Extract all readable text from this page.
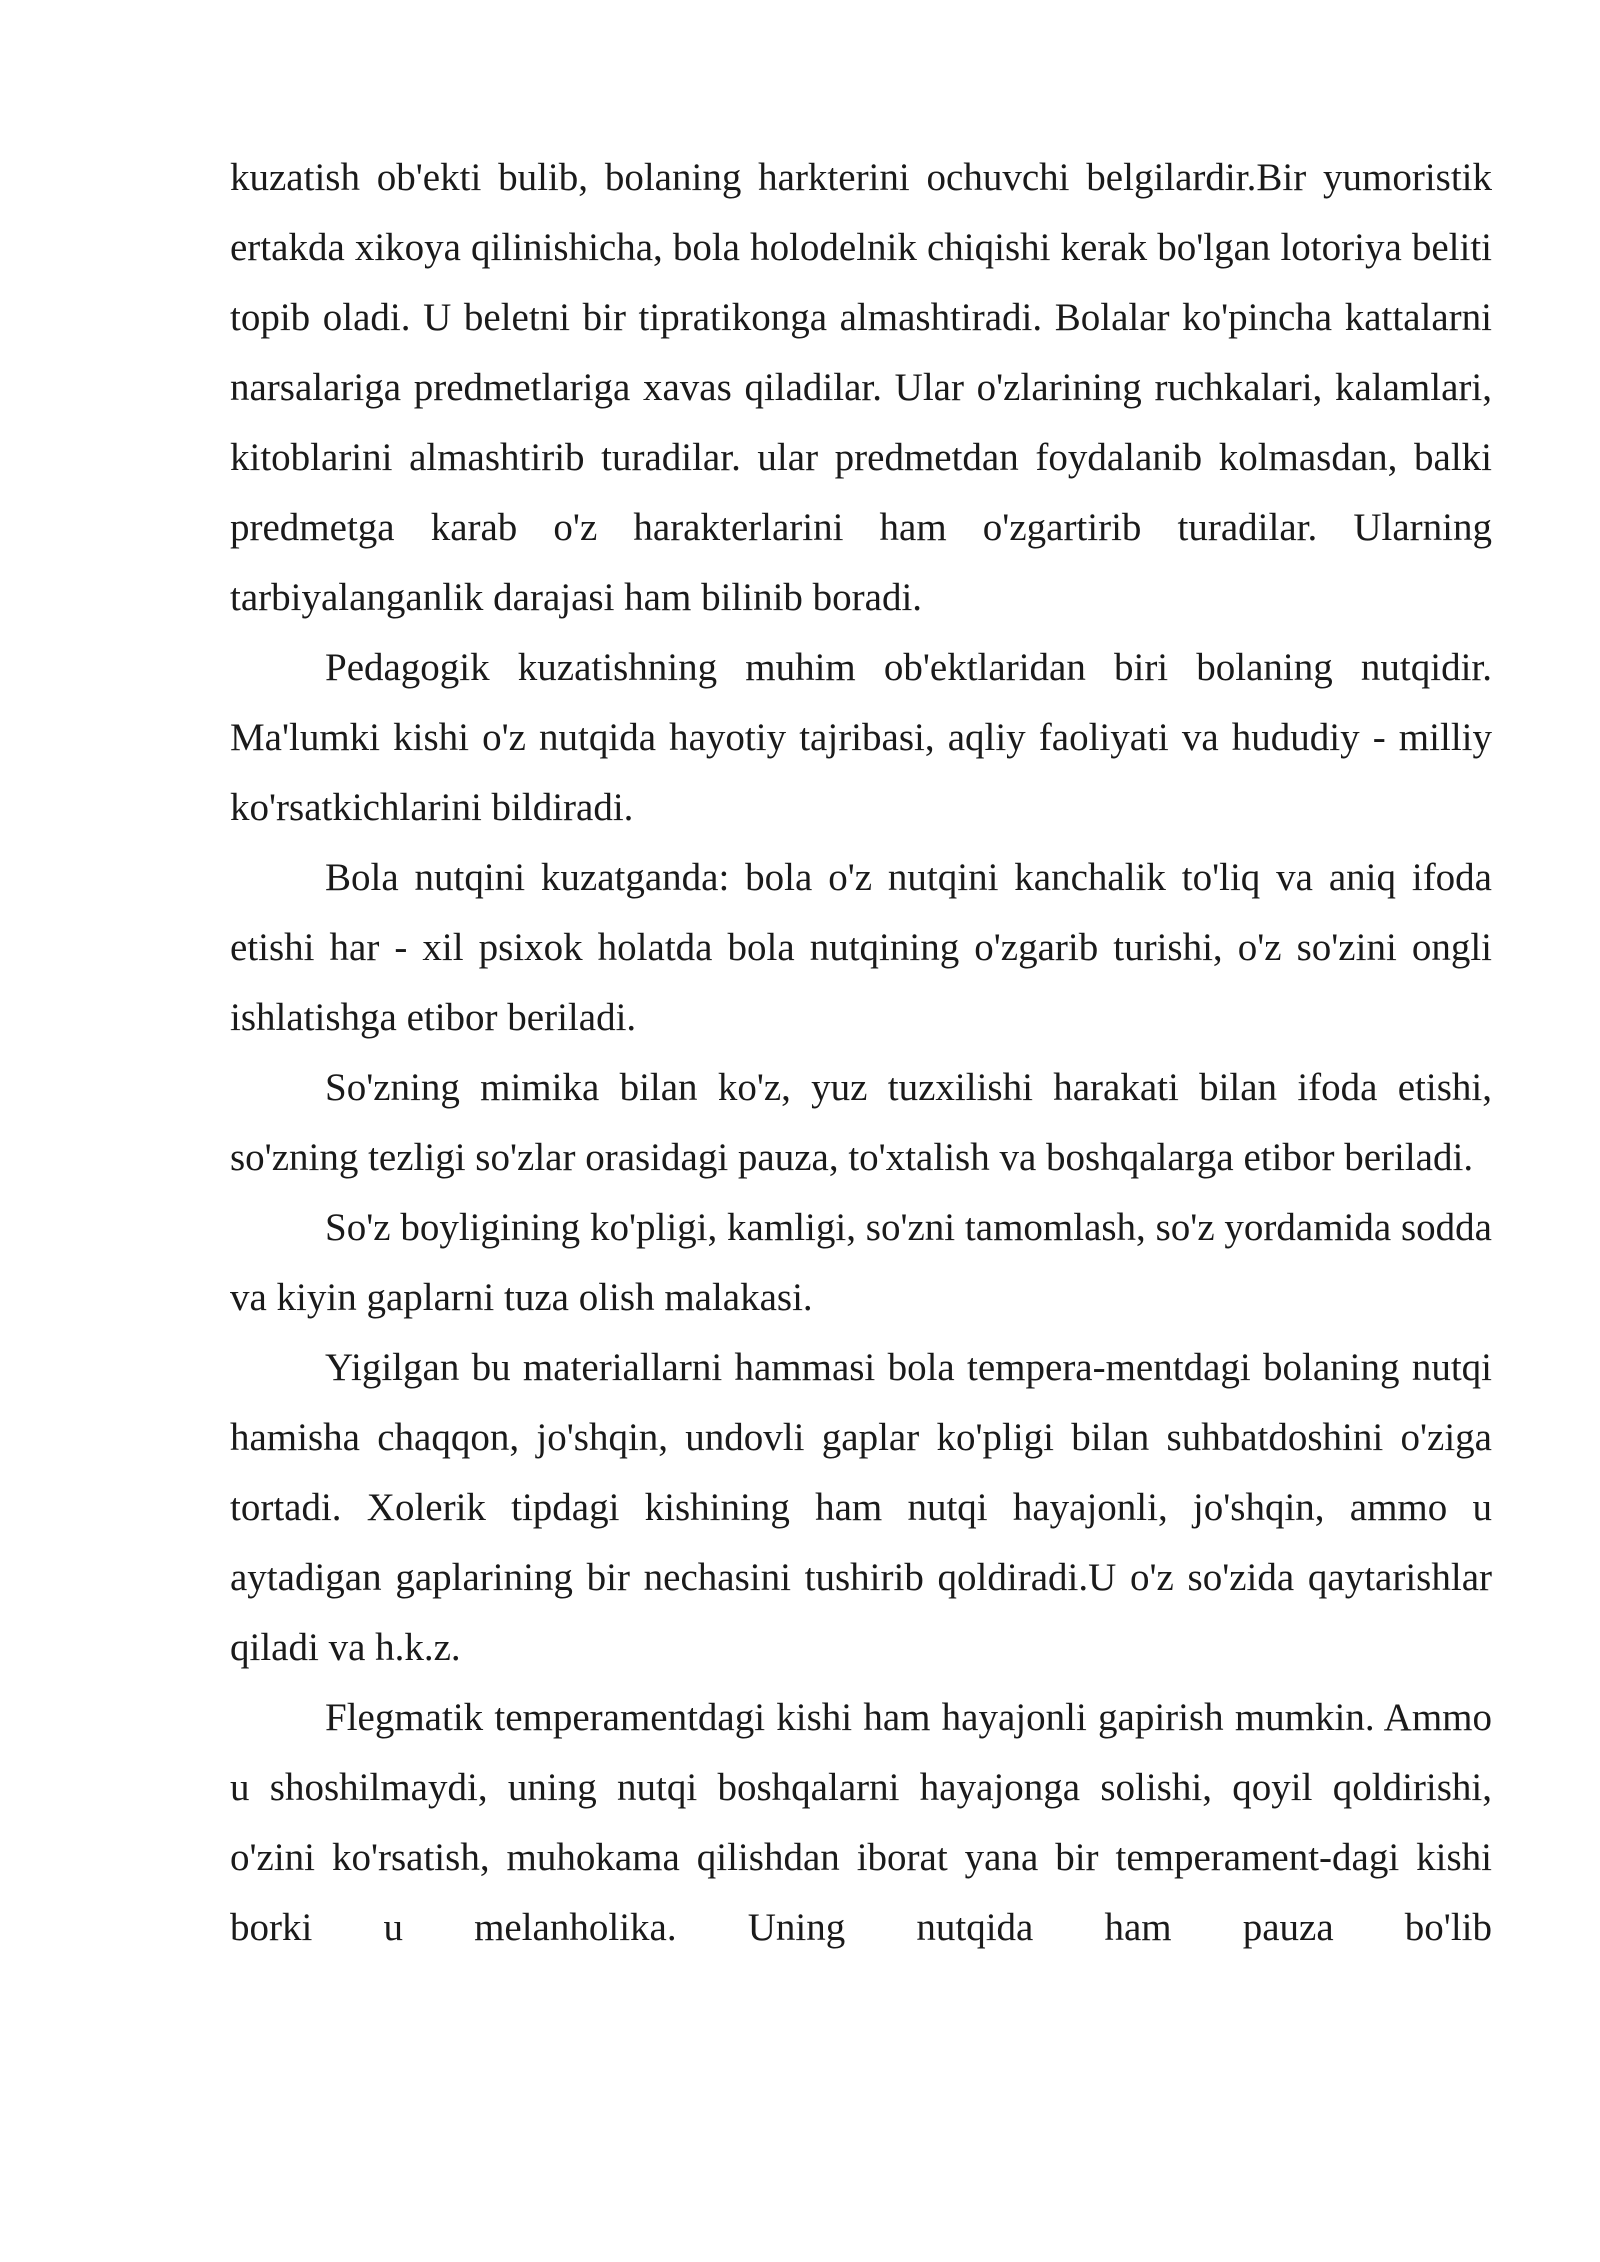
kuzatish ob'ekti bulib, bolaning harkterini ochuvchi belgilardir.Bir yumoristik ertakda xikoya qilinishicha, bola holodelnik chiqishi kerak bo'lgan lotoriya beliti topib oladi. U beletni bir tipratikonga almashtiradi. Bolalar ko'pincha kattalarni narsalariga predmetlariga xavas qiladilar. Ular o'zlarining ruchkalari, kalamlari, kitoblarini almashtirib turadilar. ular predmetdan foydalanib kolmasdan, balki predmetga karab o'z harakterlarini ham o'zgartirib turadilar. Ularning tarbiyalanganlik darajasi ham bilinib boradi.

Pedagogik kuzatishning muhim ob'ektlaridan biri bolaning nutqidir. Ma'lumki kishi o'z nutqida hayotiy tajribasi, aqliy faoliyati va hududiy - milliy ko'rsatkichlarini bildiradi.

Bola nutqini kuzatganda: bola o'z nutqini kanchalik to'liq va aniq ifoda etishi har - xil psixok holatda bola nutqining o'zgarib turishi, o'z so'zini ongli ishlatishga etibor beriladi.

So'zning mimika bilan ko'z, yuz tuzxilishi harakati bilan ifoda etishi, so'zning tezligi so'zlar orasidagi pauza, to'xtalish va boshqalarga etibor beriladi.

So'z boyligining ko'pligi, kamligi, so'zni tamomlash, so'z yordamida sodda va kiyin gaplarni tuza olish malakasi.

Yigilgan bu materiallarni hammasi bola tempera-mentdagi bolaning nutqi hamisha chaqqon, jo'shqin, undovli gaplar ko'pligi bilan suhbatdoshini o'ziga tortadi. Xolerik tipdagi kishining ham nutqi hayajonli, jo'shqin, ammo u aytadigan gaplarining bir nechasini tushirib qoldiradi.U o'z so'zida qaytarishlar qiladi va h.k.z.

Flegmatik temperamentdagi kishi ham hayajonli gapirish mumkin. Ammo u shoshilmaydi, uning nutqi boshqalarni hayajonga solishi, qoyil qoldirishi, o'zini ko'rsatish, muhokama qilishdan iborat yana bir temperament-dagi kishi borki u melanholika. Uning nutqida ham pauza bo'lib
